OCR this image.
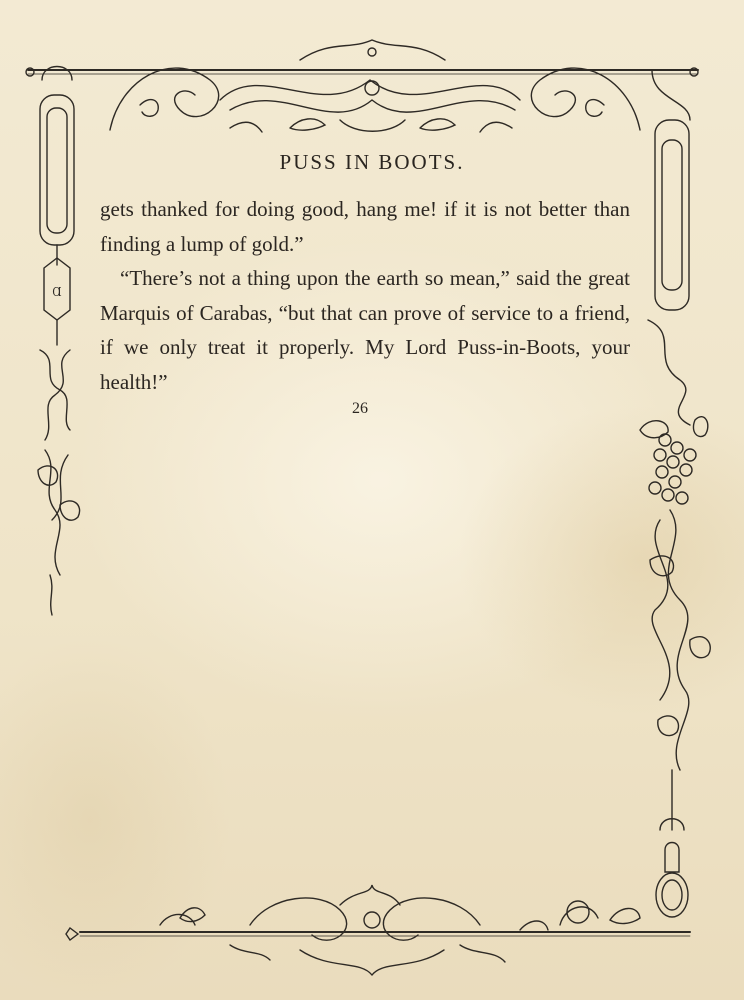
Ɑ
PUSS IN BOOTS.

gets thanked for doing good, hang me! if it is not better than finding a lump of gold.”

“There’s not a thing upon the earth so mean,” said the great Marquis of Carabas, “but that can prove of service to a friend, if we only treat it properly. My Lord Puss-in-Boots, your health!”

26
